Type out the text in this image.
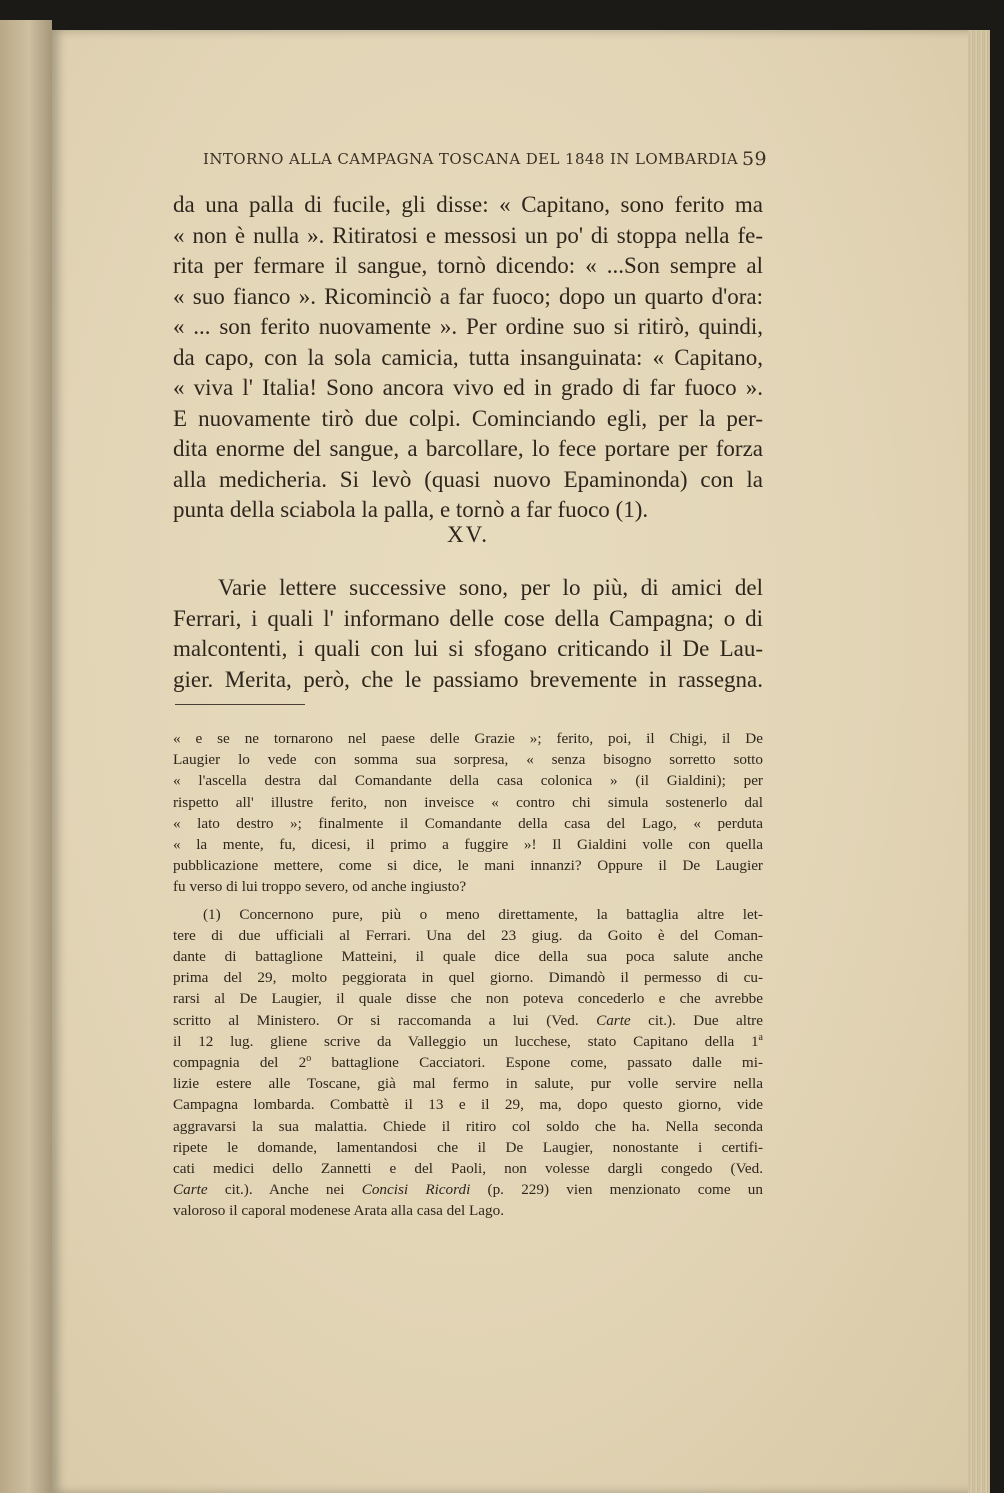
INTORNO ALLA CAMPAGNA TOSCANA DEL 1848 IN LOMBARDIA 59
da una palla di fucile, gli disse: « Capitano, sono ferito ma
« non è nulla ». Ritiratosi e messosi un po' di stoppa nella fe-
rita per fermare il sangue, tornò dicendo: « ...Son sempre al
« suo fianco ». Ricominciò a far fuoco; dopo un quarto d'ora:
« ... son ferito nuovamente ». Per ordine suo si ritirò, quindi,
da capo, con la sola camicia, tutta insanguinata: « Capitano,
« viva l' Italia! Sono ancora vivo ed in grado di far fuoco ».
E nuovamente tirò due colpi. Cominciando egli, per la per-
dita enorme del sangue, a barcollare, lo fece portare per forza
alla medicheria. Si levò (quasi nuovo Epaminonda) con la
punta della sciabola la palla, e tornò a far fuoco (1).
XV.
Varie lettere successive sono, per lo più, di amici del
Ferrari, i quali l' informano delle cose della Campagna; o di
malcontenti, i quali con lui si sfogano criticando il De Lau-
gier. Merita, però, che le passiamo brevemente in rassegna.
« e se ne tornarono nel paese delle Grazie »; ferito, poi, il Chigi, il De
Laugier lo vede con somma sua sorpresa, « senza bisogno sorretto sotto
« l'ascella destra dal Comandante della casa colonica » (il Gialdini); per
rispetto all' illustre ferito, non inveisce « contro chi simula sostenerlo dal
« lato destro »; finalmente il Comandante della casa del Lago, « perduta
« la mente, fu, dicesi, il primo a fuggire »! Il Gialdini volle con quella
pubblicazione mettere, come si dice, le mani innanzi? Oppure il De Laugier
fu verso di lui troppo severo, od anche ingiusto?
(1) Concernono pure, più o meno direttamente, la battaglia altre let-
tere di due ufficiali al Ferrari. Una del 23 giug. da Goito è del Coman-
dante di battaglione Matteini, il quale dice della sua poca salute anche
prima del 29, molto peggiorata in quel giorno. Dimandò il permesso di cu-
rarsi al De Laugier, il quale disse che non poteva concederlo e che avrebbe
scritto al Ministero. Or si raccomanda a lui (Ved. Carte cit.). Due altre
il 12 lug. gliene scrive da Valleggio un lucchese, stato Capitano della 1$^a$
compagnia del 2$^o$ battaglione Cacciatori. Espone come, passato dalle mi-
lizie estere alle Toscane, già mal fermo in salute, pur volle servire nella
Campagna lombarda. Combattè il 13 e il 29, ma, dopo questo giorno, vide
aggravarsi la sua malattia. Chiede il ritiro col soldo che ha. Nella seconda
ripete le domande, lamentandosi che il De Laugier, nonostante i certifi-
cati medici dello Zannetti e del Paoli, non volesse dargli congedo (Ved.
Carte cit.). Anche nei Concisi Ricordi (p. 229) vien menzionato come un
valoroso il caporal modenese Arata alla casa del Lago.
